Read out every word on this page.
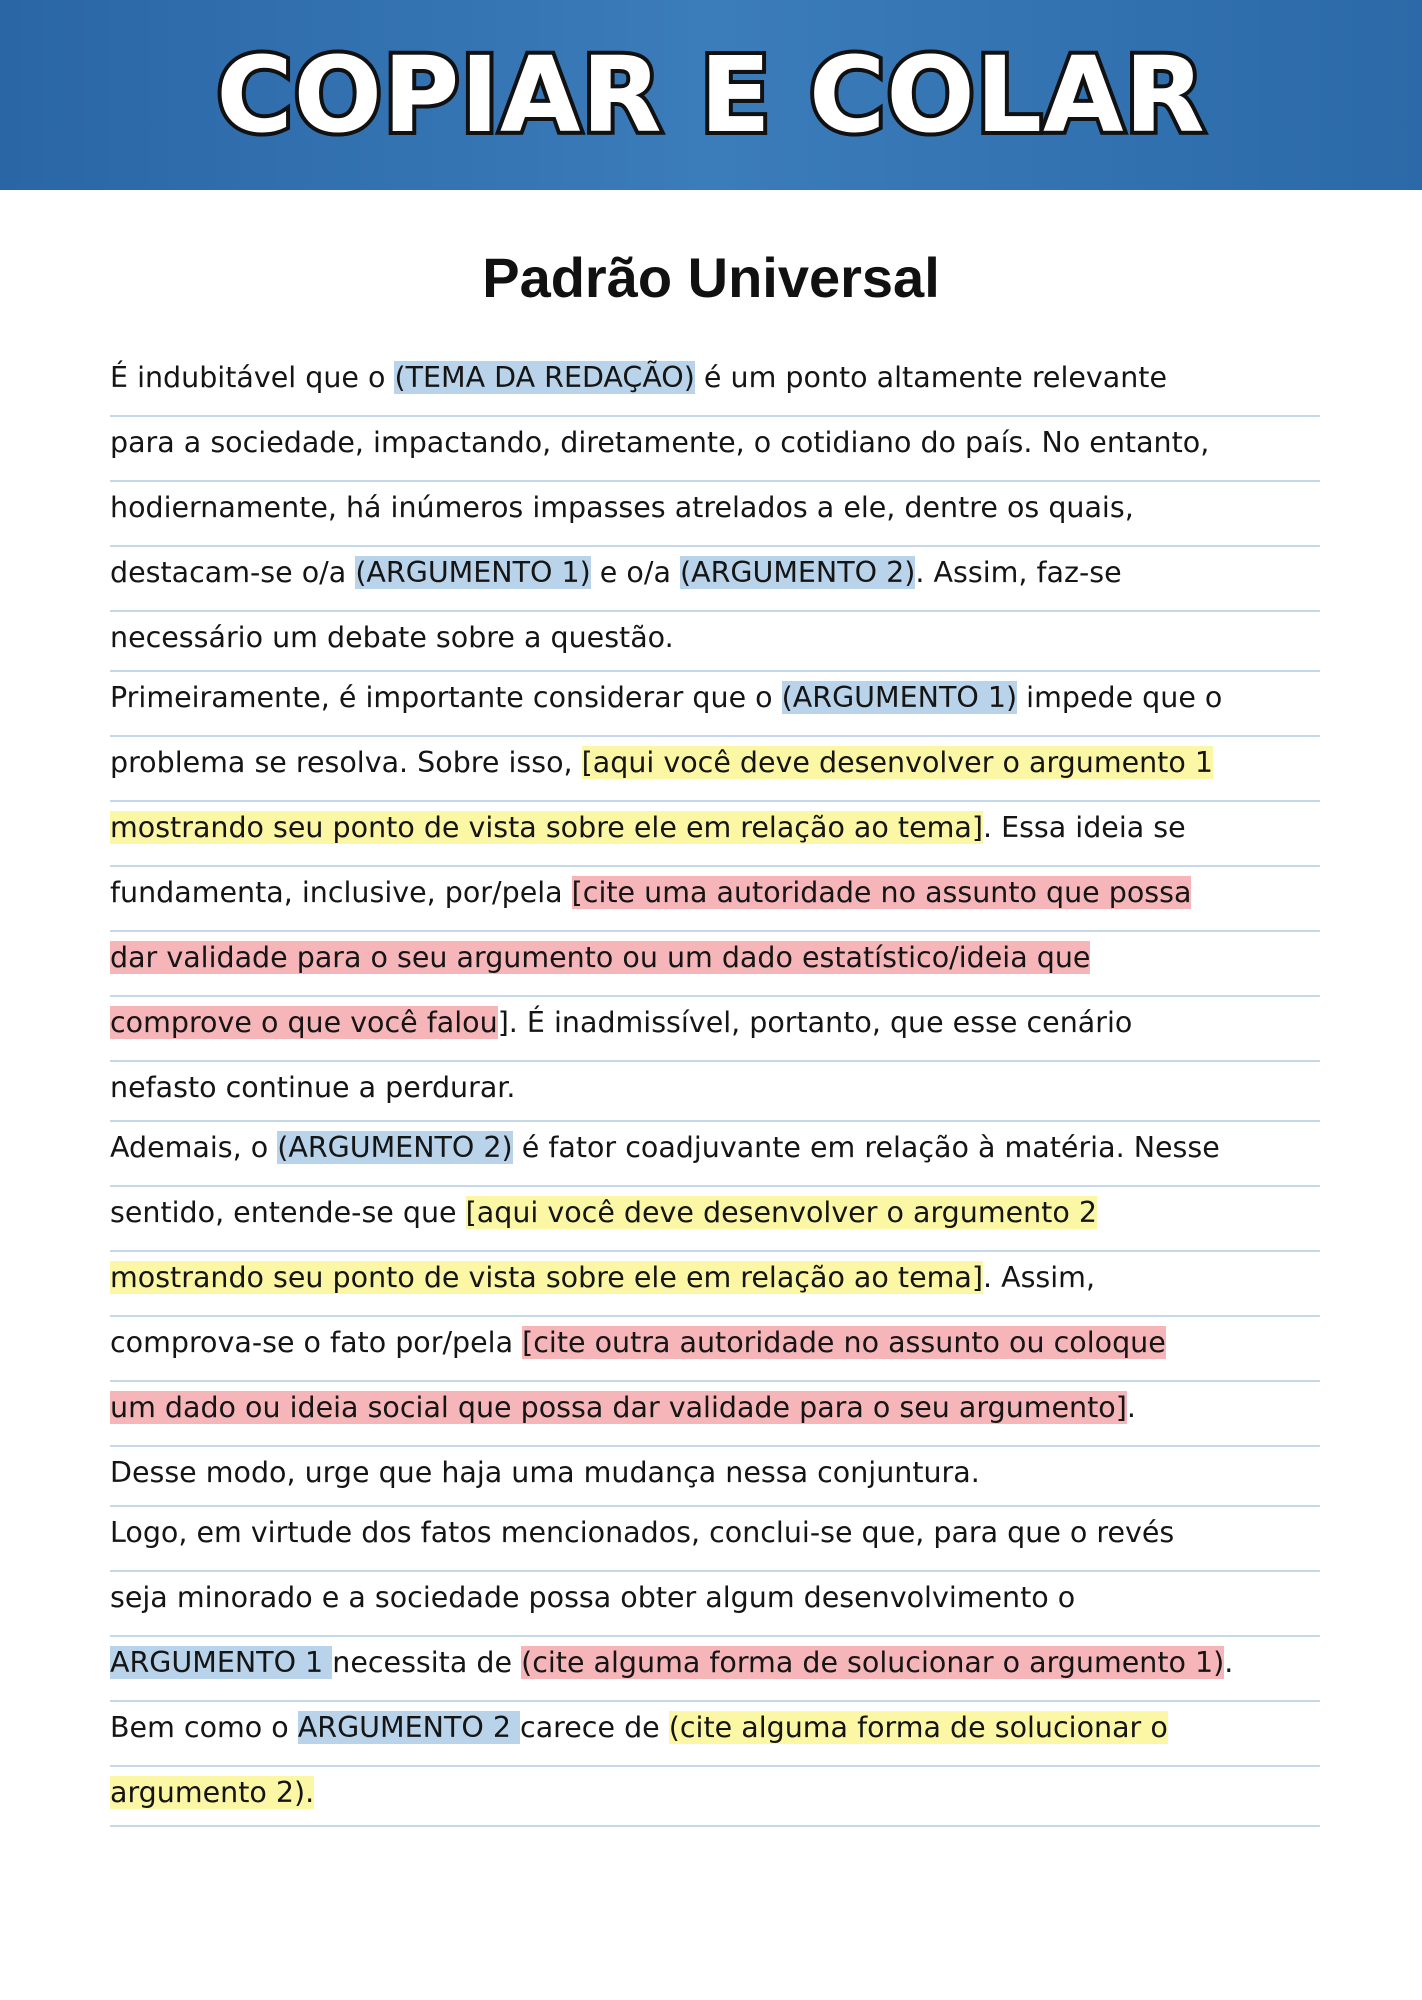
COPIAR E COLAR
Padrão Universal
É indubitável que o (TEMA DA REDAÇÃO) é um ponto altamente relevante
para a sociedade, impactando, diretamente, o cotidiano do país. No entanto,
hodiernamente, há inúmeros impasses atrelados a ele, dentre os quais,
destacam-se o/a (ARGUMENTO 1) e o/a (ARGUMENTO 2). Assim, faz-se
necessário um debate sobre a questão.
Primeiramente, é importante considerar que o (ARGUMENTO 1) impede que o
problema se resolva. Sobre isso, [aqui você deve desenvolver o argumento 1
mostrando seu ponto de vista sobre ele em relação ao tema]. Essa ideia se
fundamenta, inclusive, por/pela [cite uma autoridade no assunto que possa
dar validade para o seu argumento ou um dado estatístico/ideia que
comprove o que você falou]. É inadmissível, portanto, que esse cenário
nefasto continue a perdurar.
Ademais, o (ARGUMENTO 2) é fator coadjuvante em relação à matéria. Nesse
sentido, entende-se que [aqui você deve desenvolver o argumento 2
mostrando seu ponto de vista sobre ele em relação ao tema]. Assim,
comprova-se o fato por/pela [cite outra autoridade no assunto ou coloque
um dado ou ideia social que possa dar validade para o seu argumento].
Desse modo, urge que haja uma mudança nessa conjuntura.
Logo, em virtude dos fatos mencionados, conclui-se que, para que o revés
seja minorado e a sociedade possa obter algum desenvolvimento o
ARGUMENTO 1 necessita de (cite alguma forma de solucionar o argumento 1).
Bem como o ARGUMENTO 2 carece de (cite alguma forma de solucionar o
argumento 2).
